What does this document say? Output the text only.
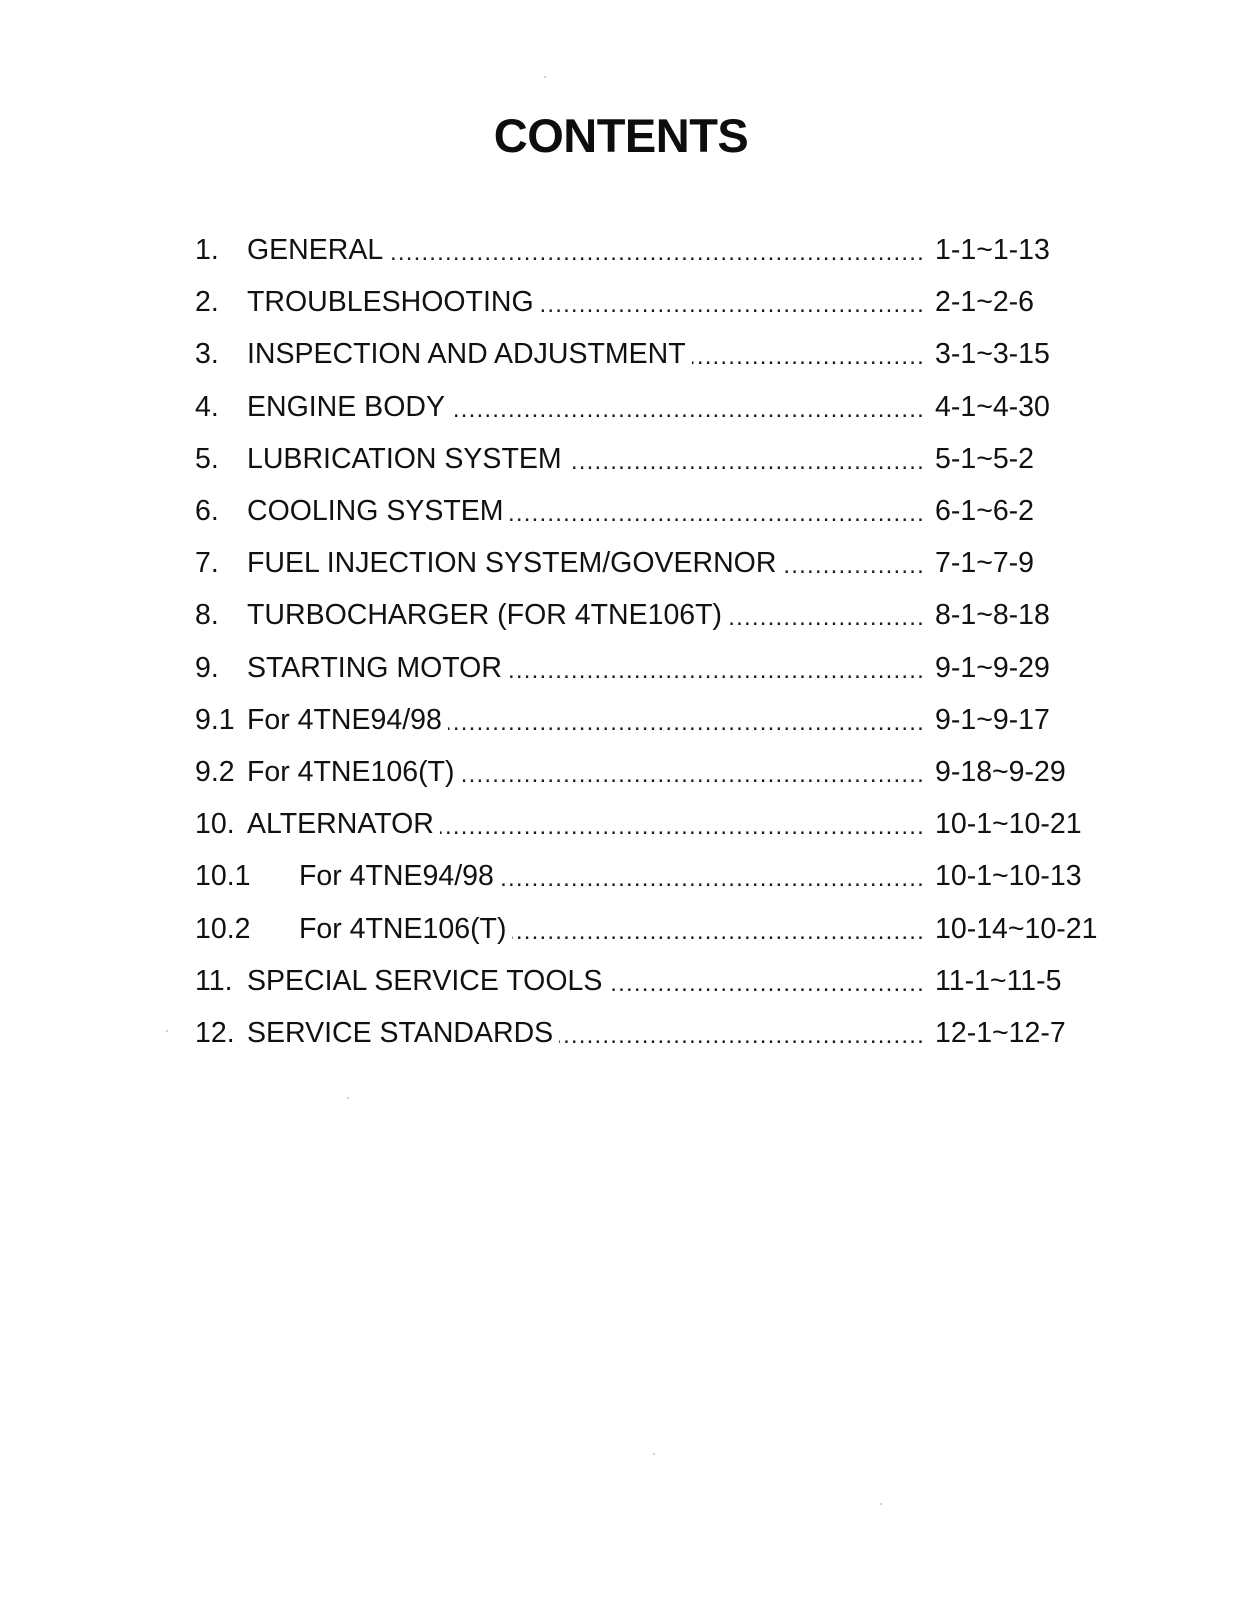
CONTENTS
1. GENERAL .....	1-1~1-13
2. TROUBLESHOOTING .....	2-1~2-6
3. INSPECTION AND ADJUSTMENT .....	3-1~3-15
4. ENGINE BODY .....	4-1~4-30
5. LUBRICATION SYSTEM .....	5-1~5-2
6. COOLING SYSTEM .....	6-1~6-2
7. FUEL INJECTION SYSTEM/GOVERNOR .....	7-1~7-9
8. TURBOCHARGER (FOR 4TNE106T) .....	8-1~8-18
9. STARTING MOTOR .....	9-1~9-29
9.1 For 4TNE94/98 .....	9-1~9-17
9.2 For 4TNE106(T) .....	9-18~9-29
10. ALTERNATOR .....	10-1~10-21
10.1	For 4TNE94/98 .....	10-1~10-13
10.2	For 4TNE106(T) .....	10-14~10-21
11. SPECIAL SERVICE TOOLS .....	11-1~11-5
12. SERVICE STANDARDS .....	12-1~12-7
